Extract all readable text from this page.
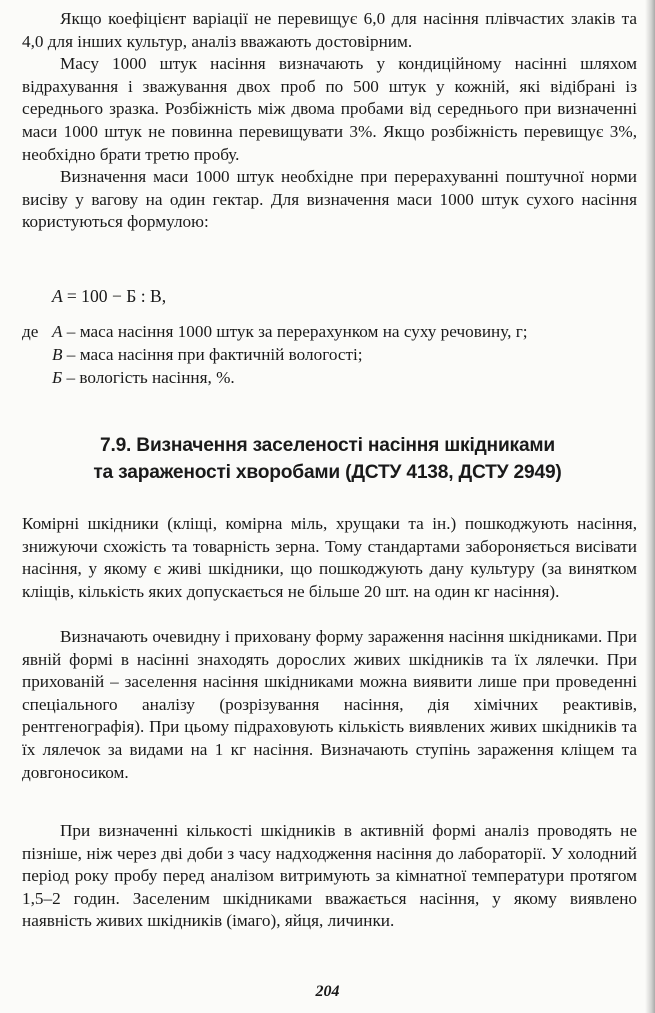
Якщо коефіцієнт варіації не перевищує 6,0 для насіння плівчастих злаків та 4,0 для інших культур, аналіз вважають достовірним.

Масу 1000 штук насіння визначають у кондиційному насінні шляхом відрахування і зважування двох проб по 500 штук у кожній, які відібрані із середнього зразка. Розбіжність між двома пробами від середнього при визначенні маси 1000 штук не повинна перевищувати 3%. Якщо розбіжність перевищує 3%, необхідно брати третю пробу.

Визначення маси 1000 штук необхідне при перерахуванні поштучної норми висіву у вагову на один гектар. Для визначення маси 1000 штук сухого насіння користуються формулою:

A = 100 − Б : В,
де А – маса насіння 1000 штук за перерахунком на суху речовину, г;
В – маса насіння при фактичній вологості;
Б – вологість насіння, %.
7.9. Визначення заселеності насіння шкідниками
та зараженості хворобами (ДСТУ 4138, ДСТУ 2949)

Комірні шкідники (кліщі, комірна міль, хрущаки та ін.) пошкоджують насіння, знижуючи схожість та товарність зерна. Тому стандартами забороняється висівати насіння, у якому є живі шкідники, що пошкоджують дану культуру (за винятком кліщів, кількість яких допускається не більше 20 шт. на один кг насіння).

Визначають очевидну і приховану форму зараження насіння шкідниками. При явній формі в насінні знаходять дорослих живих шкідників та їх лялечки. При прихованій – заселення насіння шкідниками можна виявити лише при проведенні спеціального аналізу (розрізування насіння, дія хімічних реактивів, рентгенографія). При цьому підраховують кількість виявлених живих шкідників та їх лялечок за видами на 1 кг насіння. Визначають ступінь зараження кліщем та довгоносиком.

При визначенні кількості шкідників в активній формі аналіз проводять не пізніше, ніж через дві доби з часу надходження насіння до лабораторії. У холодний період року пробу перед аналізом витримують за кімнатної температури протягом 1,5–2 годин. Заселеним шкідниками вважається насіння, у якому виявлено наявність живих шкідників (імаго), яйця, личинки.

204
